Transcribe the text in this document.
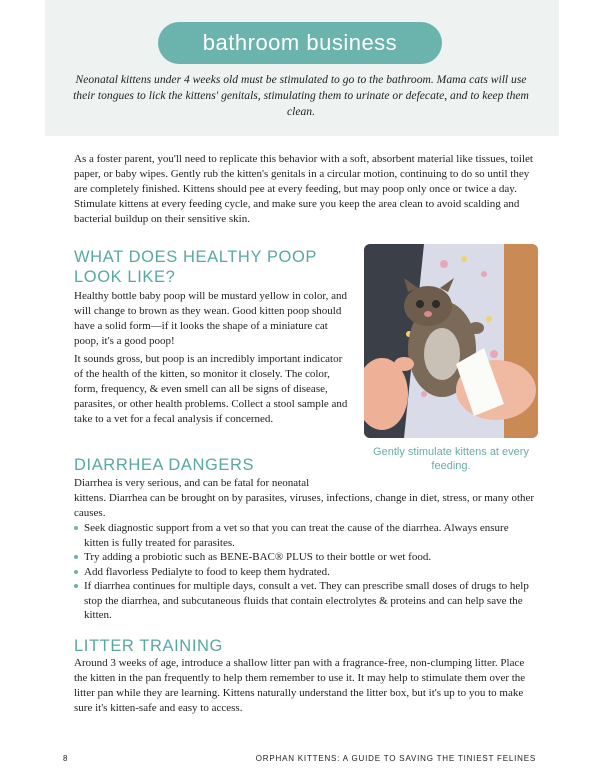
bathroom business
Neonatal kittens under 4 weeks old must be stimulated to go to the bathroom. Mama cats will use their tongues to lick the kittens' genitals, stimulating them to urinate or defecate, and to keep them clean.
As a foster parent, you'll need to replicate this behavior with a soft, absorbent material like tissues, toilet paper, or baby wipes. Gently rub the kitten's genitals in a circular motion, continuing to do so until they are completely finished. Kittens should pee at every feeding, but may poop only once or twice a day. Stimulate kittens at every feeding cycle, and make sure you keep the area clean to avoid scalding and bacterial buildup on their sensitive skin.
WHAT DOES HEALTHY POOP
LOOK LIKE?
Healthy bottle baby poop will be mustard yellow in color, and will change to brown as they wean. Good kitten poop should have a solid form—if it looks the shape of a miniature cat poop, it's a good poop!
It sounds gross, but poop is an incredibly important indicator of the health of the kitten, so monitor it closely. The color, form, frequency, & even smell can all be signs of disease, parasites, or other health problems. Collect a stool sample and take to a vet for a fecal analysis if concerned.
Gently stimulate kittens at every feeding.
DIARRHEA DANGERS
Diarrhea is very serious, and can be fatal for neonatal
kittens. Diarrhea can be brought on by parasites, viruses, infections, change in diet, stress, or many other causes.
Seek diagnostic support from a vet so that you can treat the cause of the diarrhea. Always ensure kitten is fully treated for parasites.
Try adding a probiotic such as BENE-BAC® PLUS to their bottle or wet food.
Add flavorless Pedialyte to food to keep them hydrated.
If diarrhea continues for multiple days, consult a vet. They can prescribe small doses of drugs to help stop the diarrhea, and subcutaneous fluids that contain electrolytes & proteins and can help save the kitten.
LITTER TRAINING
Around 3 weeks of age, introduce a shallow litter pan with a fragrance-free, non-clumping litter. Place the kitten in the pan frequently to help them remember to use it. It may help to stimulate them over the litter pan while they are learning. Kittens naturally understand the litter box, but it's up to you to make sure it's kitten-safe and easy to access.
8	ORPHAN KITTENS: A GUIDE TO SAVING THE TINIEST FELINES
